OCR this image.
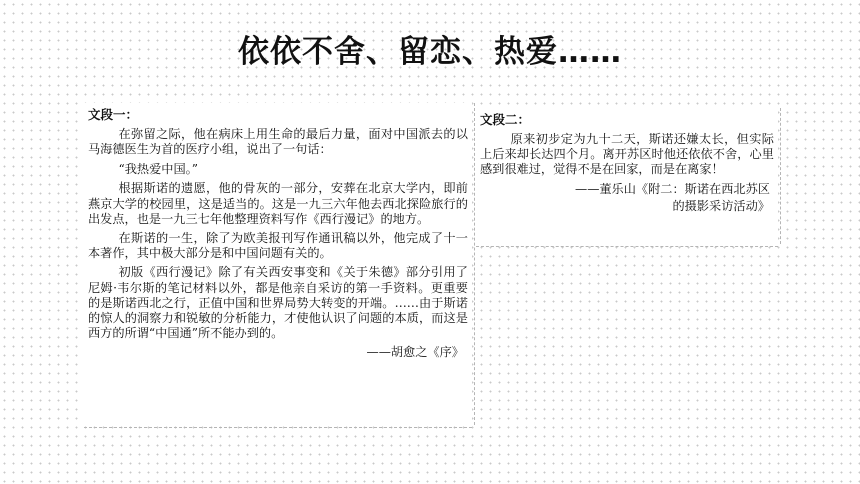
依依不舍、留恋、热爱……
文段一：

在弥留之际，他在病床上用生命的最后力量，面对中国派去的以马海德医生为首的医疗小组，说出了一句话：

“我热爱中国。”

根据斯诺的遗愿，他的骨灰的一部分，安葬在北京大学内，即前燕京大学的校园里，这是适当的。这是一九三六年他去西北探险旅行的出发点，也是一九三七年他整理资料写作《西行漫记》的地方。

在斯诺的一生，除了为欧美报刊写作通讯稿以外，他完成了十一本著作，其中极大部分是和中国问题有关的。

初版《西行漫记》除了有关西安事变和《关于朱德》部分引用了尼姆·韦尔斯的笔记材料以外，都是他亲自采访的第一手资料。更重要的是斯诺西北之行，正值中国和世界局势大转变的开端。……由于斯诺的惊人的洞察力和锐敏的分析能力，才使他认识了问题的本质，而这是西方的所谓“中国通”所不能办到的。

——胡愈之《序》
文段二：

原来初步定为九十二天，斯诺还嫌太长，但实际上后来却长达四个月。离开苏区时他还依依不舍，心里感到很难过，觉得不是在回家，而是在离家！

——董乐山《附二：斯诺在西北苏区
的摄影采访活动》
